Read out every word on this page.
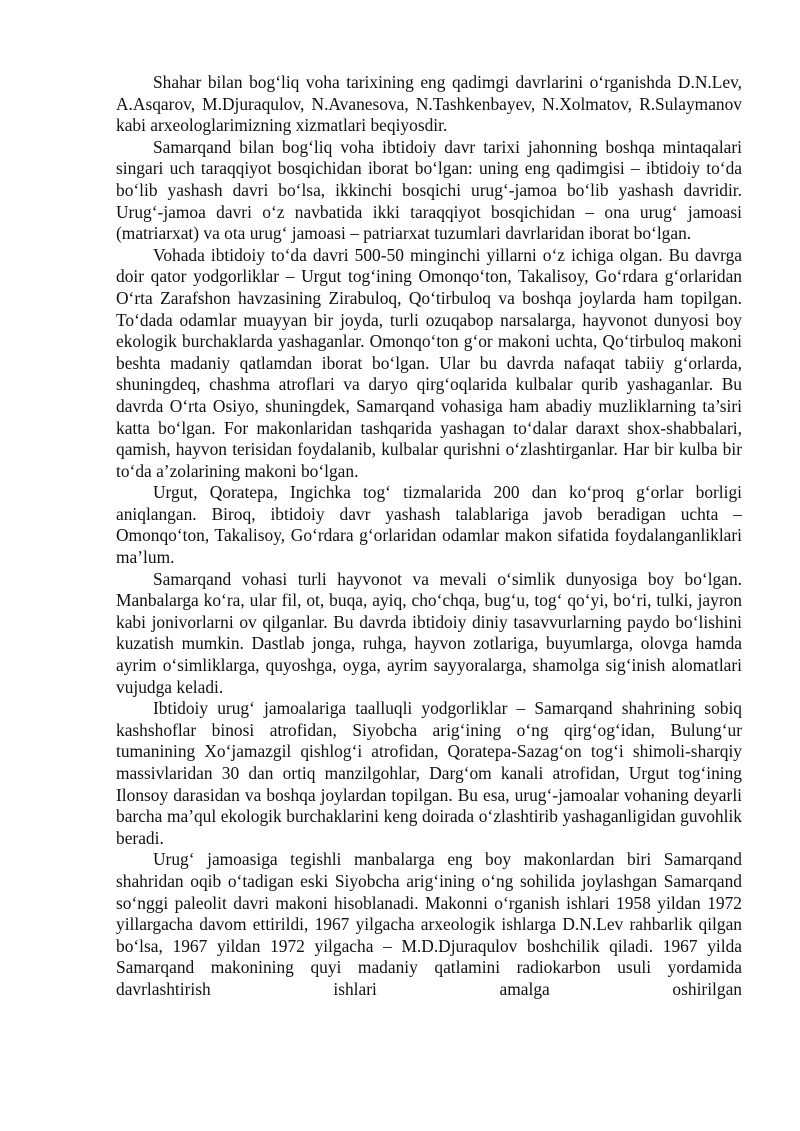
Shahar bilan bog‘liq voha tarixining eng qadimgi davrlarini o‘rganishda D.N.Lev, A.Asqarov, M.Djuraqulov, N.Avanesova, N.Tashkenbayev, N.Xolmatov, R.Sulaymanov kabi arxeologlarimizning xizmatlari beqiyosdir.

Samarqand bilan bog‘liq voha ibtidoiy davr tarixi jahonning boshqa mintaqalari singari uch taraqqiyot bosqichidan iborat bo‘lgan: uning eng qadimgisi – ibtidoiy to‘da bo‘lib yashash davri bo‘lsa, ikkinchi bosqichi urug‘-jamoa bo‘lib yashash davridir. Urug‘-jamoa davri o‘z navbatida ikki taraqqiyot bosqichidan – ona urug‘ jamoasi (matriarxat) va ota urug‘ jamoasi – patriarxat tuzumlari davrlaridan iborat bo‘lgan.

Vohada ibtidoiy to‘da davri 500-50 minginchi yillarni o‘z ichiga olgan. Bu davrga doir qator yodgorliklar – Urgut tog‘ining Omonqo‘ton, Takalisoy, Go‘rdara g‘orlaridan O‘rta Zarafshon havzasining Zirabuloq, Qo‘tirbuloq va boshqa joylarda ham topilgan. To‘dada odamlar muayyan bir joyda, turli ozuqabop narsalarga, hayvonot dunyosi boy ekologik burchaklarda yashaganlar. Omonqo‘ton g‘or makoni uchta, Qo‘tirbuloq makoni beshta madaniy qatlamdan iborat bo‘lgan. Ular bu davrda nafaqat tabiiy g‘orlarda, shuningdeq, chashma atroflari va daryo qirg‘oqlarida kulbalar qurib yashaganlar. Bu davrda O‘rta Osiyo, shuningdek, Samarqand vohasiga ham abadiy muzliklarning ta’siri katta bo‘lgan. For makonlaridan tashqarida yashagan to‘dalar daraxt shox-shabbalari, qamish, hayvon terisidan foydalanib, kulbalar qurishni o‘zlashtirganlar. Har bir kulba bir to‘da a’zolarining makoni bo‘lgan.

Urgut, Qoratepa, Ingichka tog‘ tizmalarida 200 dan ko‘proq g‘orlar borligi aniqlangan. Biroq, ibtidoiy davr yashash talablariga javob beradigan uchta – Omonqo‘ton, Takalisoy, Go‘rdara g‘orlaridan odamlar makon sifatida foydalanganliklari ma’lum.

Samarqand vohasi turli hayvonot va mevali o‘simlik dunyosiga boy bo‘lgan. Manbalarga ko‘ra, ular fil, ot, buqa, ayiq, cho‘chqa, bug‘u, tog‘ qo‘yi, bo‘ri, tulki, jayron kabi jonivorlarni ov qilganlar. Bu davrda ibtidoiy diniy tasavvurlarning paydo bo‘lishini kuzatish mumkin. Dastlab jonga, ruhga, hayvon zotlariga, buyumlarga, olovga hamda ayrim o‘simliklarga, quyoshga, oyga, ayrim sayyoralarga, shamolga sig‘inish alomatlari vujudga keladi.

Ibtidoiy urug‘ jamoalariga taalluqli yodgorliklar – Samarqand shahrining sobiq kashshoflar binosi atrofidan, Siyobcha arig‘ining o‘ng qirg‘og‘idan, Bulung‘ur tumanining Xo‘jamazgil qishlog‘i atrofidan, Qoratepa-Sazag‘on tog‘i shimoli-sharqiy massivlaridan 30 dan ortiq manzilgohlar, Darg‘om kanali atrofidan, Urgut tog‘ining Ilonsoy darasidan va boshqa joylardan topilgan. Bu esa, urug‘-jamoalar vohaning deyarli barcha ma’qul ekologik burchaklarini keng doirada o‘zlashtirib yashaganligidan guvohlik beradi.

Urug‘ jamoasiga tegishli manbalarga eng boy makonlardan biri Samarqand shahridan oqib o‘tadigan eski Siyobcha arig‘ining o‘ng sohilida joylashgan Samarqand so‘nggi paleolit davri makoni hisoblanadi. Makonni o‘rganish ishlari 1958 yildan 1972 yillargacha davom ettirildi, 1967 yilgacha arxeologik ishlarga D.N.Lev rahbarlik qilgan bo‘lsa, 1967 yildan 1972 yilgacha – M.D.Djuraqulov boshchilik qiladi. 1967 yilda Samarqand makonining quyi madaniy qatlamini radiokarbon usuli yordamida davrlashtirish ishlari amalga oshirilgan
